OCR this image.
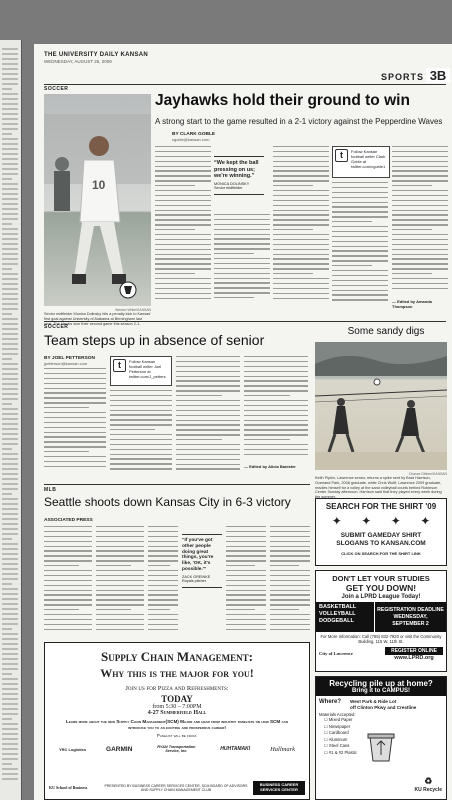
THE UNIVERSITY DAILY KANSAN
WEDNESDAY, AUGUST 26, 2009
SPORTS 3B
SOCCER
10
Weston White/KANSAN
Senior midfielder Monica Dolinsky hits a penalty kick to Kansas' first goal against University of Alabama at Birmingham last year. The Hawks won their second game this season 2-1.
Jayhawks hold their ground to win
A strong start to the game resulted in a 2-1 victory against the Pepperdine Waves
BY CLARK GOBLE
cgoble@kansan.com
“We kept the ball pressing on us; we're winning.”
MONICA DOLINSKY
Senior midfielder
t	Follow Kansan football writer Clark Goble at twitter.com/cgoble1
— Edited by Amanda Thompson
SOCCER
Team steps up in absence of senior
BY JOEL PETTERSON
jpetterson@kansan.com	t	Follow Kansan football writer Joel Petterson at twitter.com/J_petters
— Edited by Alicia Banister
Some sandy digs
Chance Dibben/KANSAN
Keith Pipkin, Lawrence senior, returns a spike sent by Brad Harrison, Overland Park, 2008 graduate, while Chris Wolff, Lawrence 2009 graduate, readies himself for a volley at the sand volleyball courts behind Robinson Center Sunday afternoon. Harrison said that they played every week during
MLB
Seattle shoots down Kansas City in 6-3 victory
ASSOCIATED PRESS
“If you've got other people doing great things, you're like, 'OK, it's possible.'”
ZACK GREINKE
Royals pitcher
SEARCH FOR THE SHIRT '09
✦ ✦ ✦ ✦
SUBMIT GAMEDAY SHIRT
SLOGANS TO KANSAN.COM
CLICK ON SEARCH FOR THE SHIRT LINK
DON'T LET YOUR STUDIES
GET YOU DOWN!
Join a LPRD League Today!
BASKETBALL
VOLLEYBALL
DODGEBALL
REGISTRATION DEADLINE
WEDNESDAY, SEPTEMBER 2
For More Information: Call (785) 832-7920 or visit the Community Building, 115 W. 11th St.
City of Lawrence	REGISTER ONLINE
www.LPRD.org
Supply Chain Management:
Why this is the major for you!
Join us for Pizza and Refreshments:
TODAY
from 5:30 – 7:00PM
4-27 Summerfield Hall
Learn more about the new Supply Chain Management(SCM) Major and hear from industry panelists on how SCM can introduce you to an exciting and prosperous career!
Panelist will be from:
YRC Logistics	GARMIN	RYAN Transportation Service, Inc.	HUHTAMAKI	Hallmark
KU School of Business	PRESENTED BY BUSINESS CAREER SERVICES CENTER, SCM BOARD OF ADVISORS AND SUPPLY CHAIN MANAGEMENT CLUB
BUSINESS CAREER SERVICES CENTER
Recycling pile up at home?
Bring it to CAMPUS!
Where?	West Park & Ride Lot
off Clinton Pkwy and Crestline
Materials Accepted:
☐ Mixed Paper
☐ Newspaper
☐ Cardboard
☐ Aluminum
☐ Steel Cans
☐ #1 & #2 Plastic
♻
KU Recycle
